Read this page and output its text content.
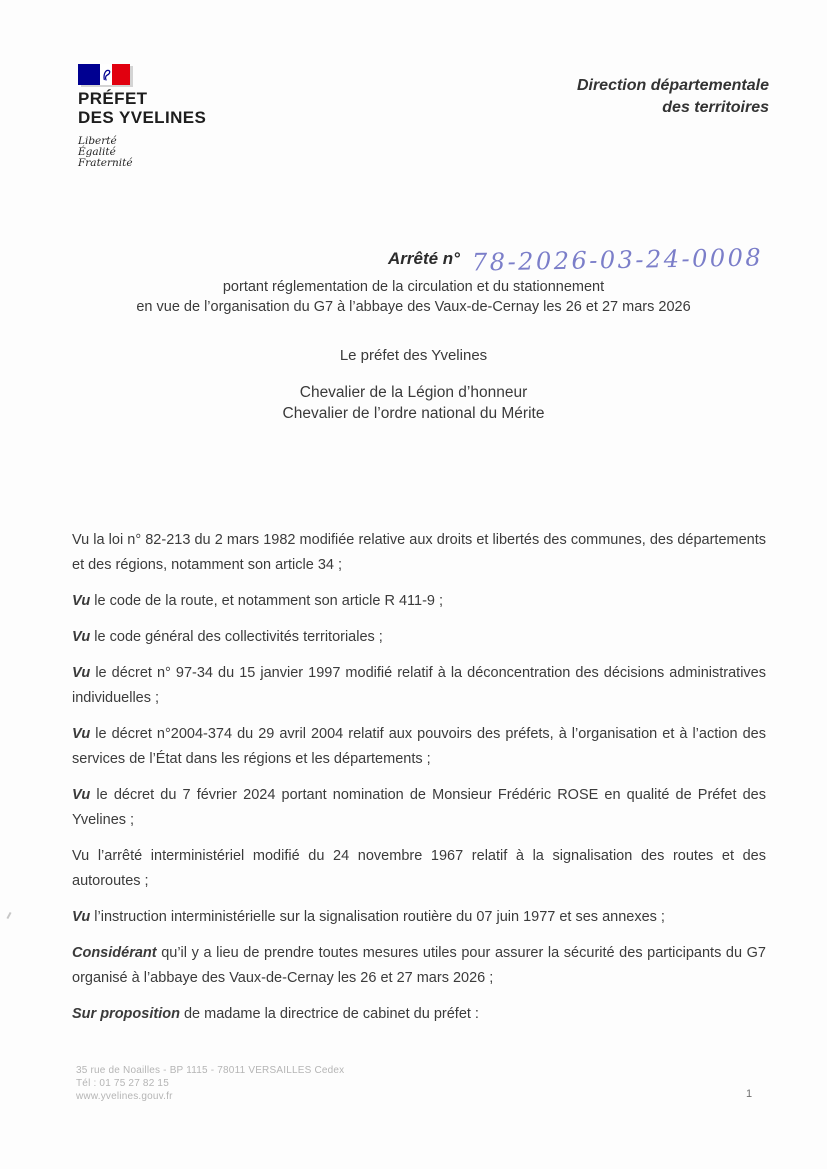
PRÉFET
DES YVELINES
Liberté
Égalité
Fraternité
Direction départementale
des territoires
Arrêté n° 78-2026-03-24-0008
portant réglementation de la circulation et du stationnement
en vue de l’organisation du G7 à l’abbaye des Vaux-de-Cernay les 26 et 27 mars 2026
Le préfet des Yvelines
Chevalier de la Légion d’honneur
Chevalier de l’ordre national du Mérite

Vu la loi n° 82-213 du 2 mars 1982 modifiée relative aux droits et libertés des communes, des départements et des régions, notamment son article 34 ;

Vu le code de la route, et notamment son article R 411-9 ;

Vu le code général des collectivités territoriales ;

Vu le décret n° 97-34 du 15 janvier 1997 modifié relatif à la déconcentration des décisions administratives individuelles ;

Vu le décret n°2004-374 du 29 avril 2004 relatif aux pouvoirs des préfets, à l’organisation et à l’action des services de l’État dans les régions et les départements ;

Vu le décret du 7 février 2024 portant nomination de Monsieur Frédéric ROSE en qualité de Préfet des Yvelines ;

Vu l’arrêté interministériel modifié du 24 novembre 1967 relatif à la signalisation des routes et des autoroutes ;

Vu l’instruction interministérielle sur la signalisation routière du 07 juin 1977 et ses annexes ;

Considérant qu’il y a lieu de prendre toutes mesures utiles pour assurer la sécurité des participants du G7 organisé à l’abbaye des Vaux-de-Cernay les 26 et 27 mars 2026 ;

Sur proposition de madame la directrice de cabinet du préfet :

35 rue de Noailles - BP 1115 - 78011 VERSAILLES Cedex
Tél : 01 75 27 82 15
www.yvelines.gouv.fr	1
